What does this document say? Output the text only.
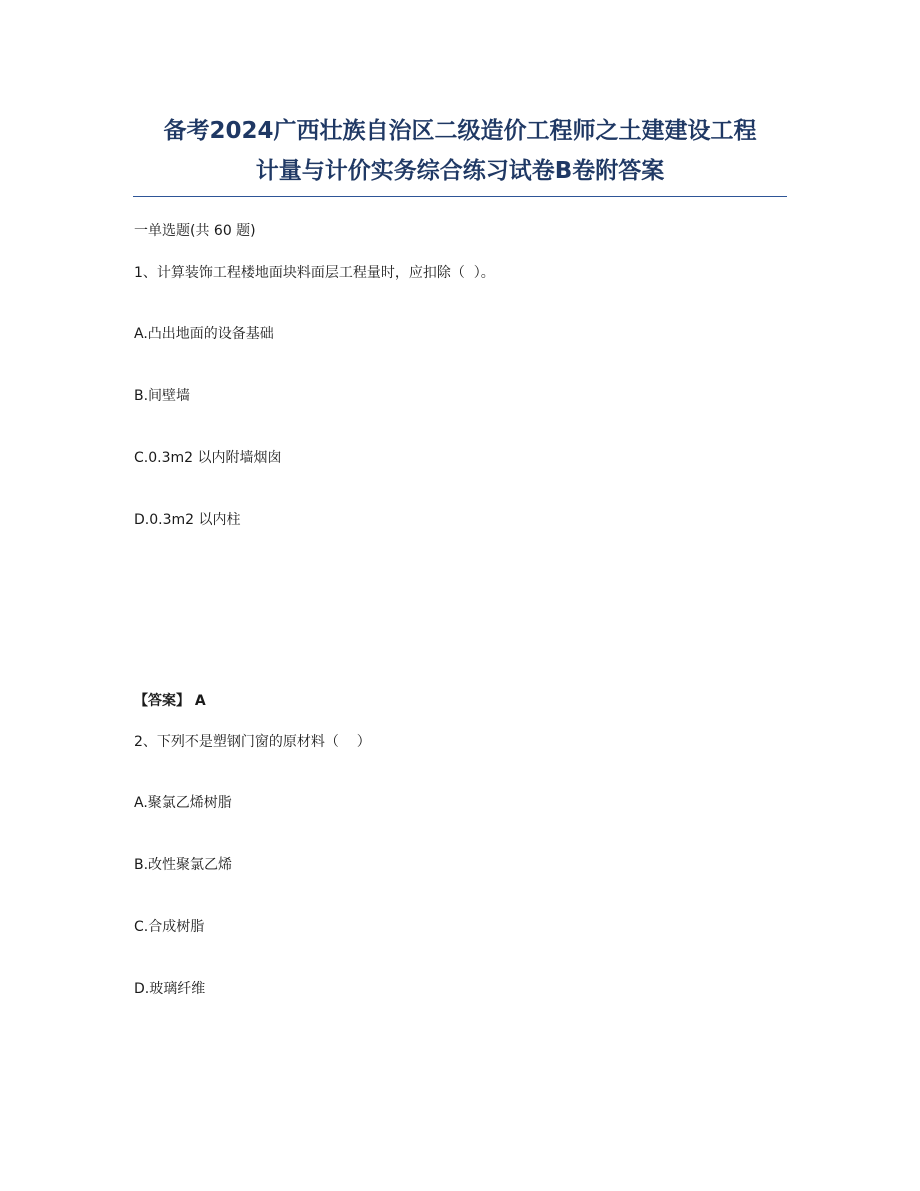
备考2024广西壮族自治区二级造价工程师之土建建设工程
计量与计价实务综合练习试卷B卷附答案

一单选题(共 60 题)

1、计算装饰工程楼地面块料面层工程量时，应扣除（  ）。

A.凸出地面的设备基础

B.间壁墙

C.0.3m2 以内附墙烟囱

D.0.3m2 以内柱

【答案】 A

2、下列不是塑钢门窗的原材料（    ）

A.聚氯乙烯树脂

B.改性聚氯乙烯

C.合成树脂

D.玻璃纤维
